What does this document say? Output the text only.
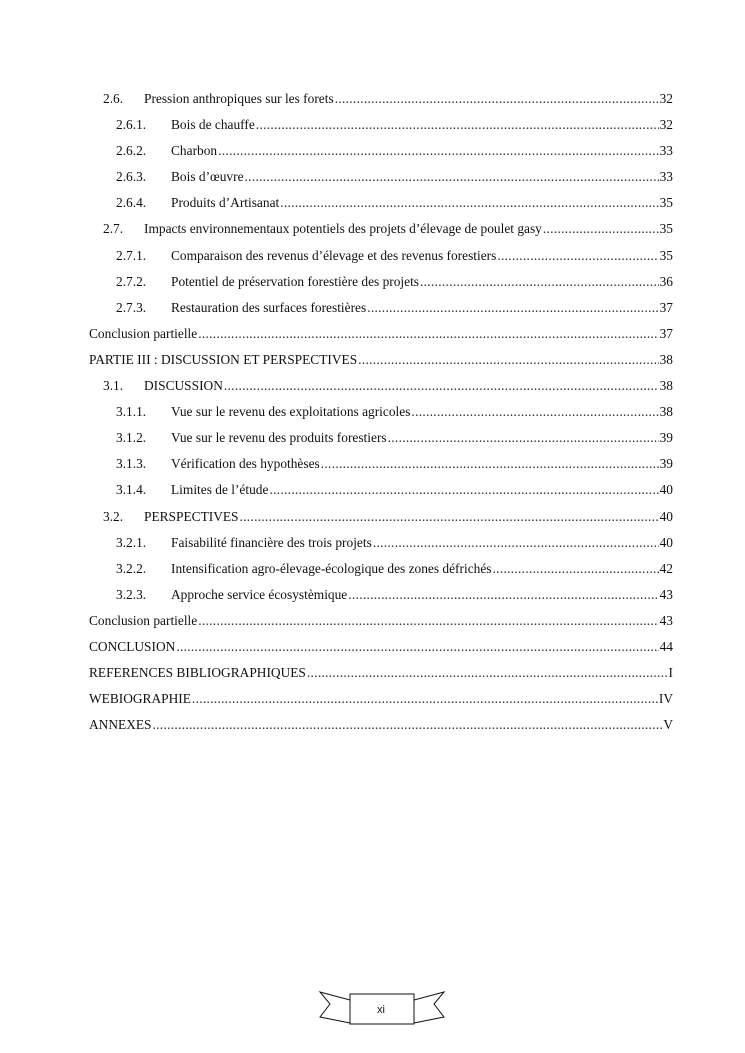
2.6.	Pression anthropiques sur les forets .....	32
2.6.1.	Bois de chauffe .....	32
2.6.2.	Charbon .....	33
2.6.3.	Bois d’œuvre .....	33
2.6.4.	Produits d’Artisanat .....	35
2.7.	Impacts environnementaux potentiels des projets d’élevage de poulet gasy .....	35
2.7.1.	Comparaison des revenus d’élevage et des revenus forestiers .....	35
2.7.2.	Potentiel de préservation forestière des projets .....	36
2.7.3.	Restauration des surfaces forestières .....	37
Conclusion partielle .....	37
PARTIE III : DISCUSSION ET PERSPECTIVES .....	38
3.1.	DISCUSSION .....	38
3.1.1.	Vue sur le revenu des exploitations agricoles .....	38
3.1.2.	Vue sur le revenu des produits forestiers .....	39
3.1.3.	Vérification des hypothèses .....	39
3.1.4.	Limites de l’étude .....	40
3.2.	PERSPECTIVES .....	40
3.2.1.	Faisabilité financière des trois projets .....	40
3.2.2.	Intensification agro-élevage-écologique des zones défrichés .....	42
3.2.3.	Approche service écosystèmique .....	43
Conclusion partielle .....	43
CONCLUSION .....	44
REFERENCES BIBLIOGRAPHIQUES .....	I
WEBIOGRAPHIE .....	IV
ANNEXES .....	V
xi
